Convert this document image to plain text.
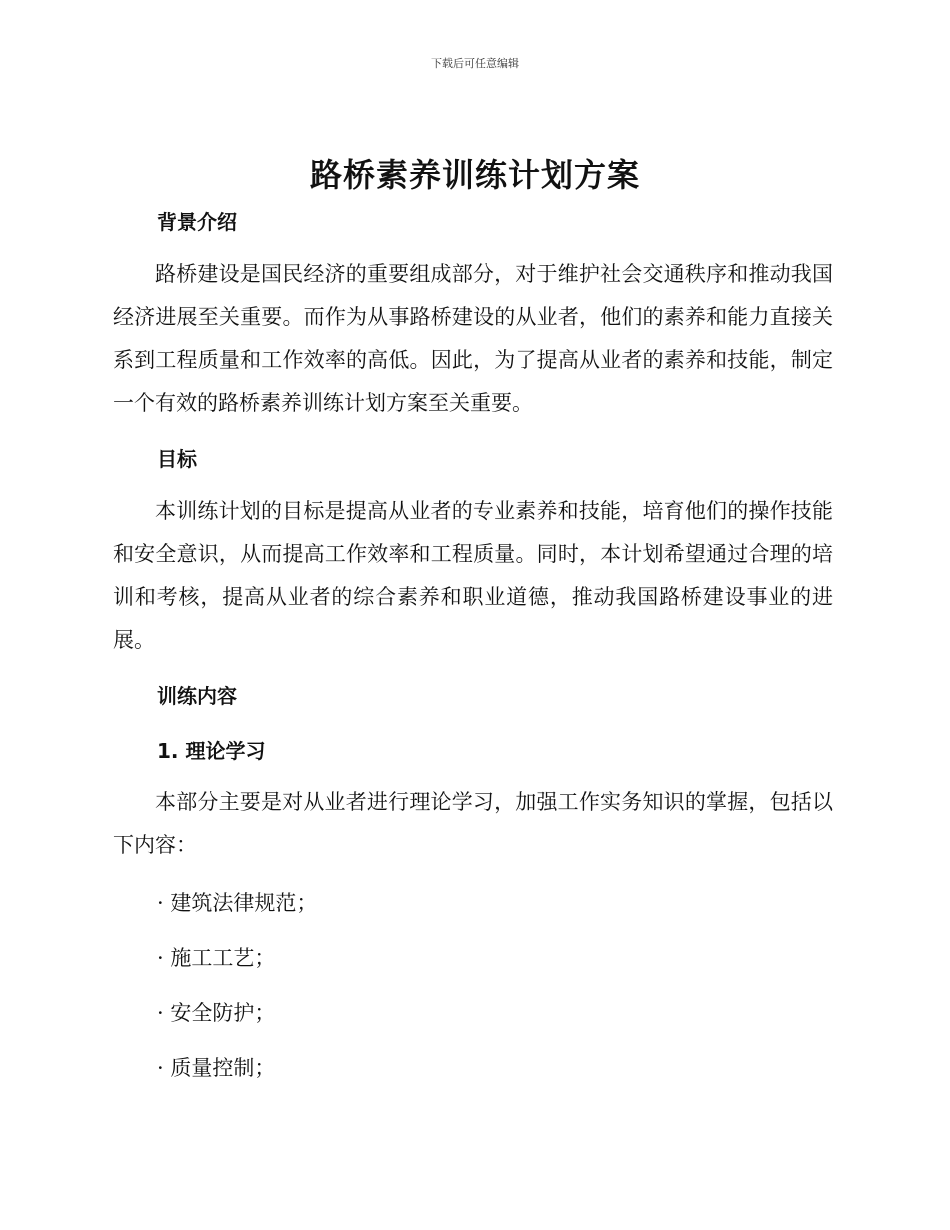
下载后可任意编辑
路桥素养训练计划方案
背景介绍

路桥建设是国民经济的重要组成部分，对于维护社会交通秩序和推动我国经济进展至关重要。而作为从事路桥建设的从业者，他们的素养和能力直接关系到工程质量和工作效率的高低。因此，为了提高从业者的素养和技能，制定一个有效的路桥素养训练计划方案至关重要。

目标

本训练计划的目标是提高从业者的专业素养和技能，培育他们的操作技能和安全意识，从而提高工作效率和工程质量。同时，本计划希望通过合理的培训和考核，提高从业者的综合素养和职业道德，推动我国路桥建设事业的进展。

训练内容
1. 理论学习

本部分主要是对从业者进行理论学习，加强工作实务知识的掌握，包括以下内容：

· 建筑法律规范；

· 施工工艺；

· 安全防护；

· 质量控制；
